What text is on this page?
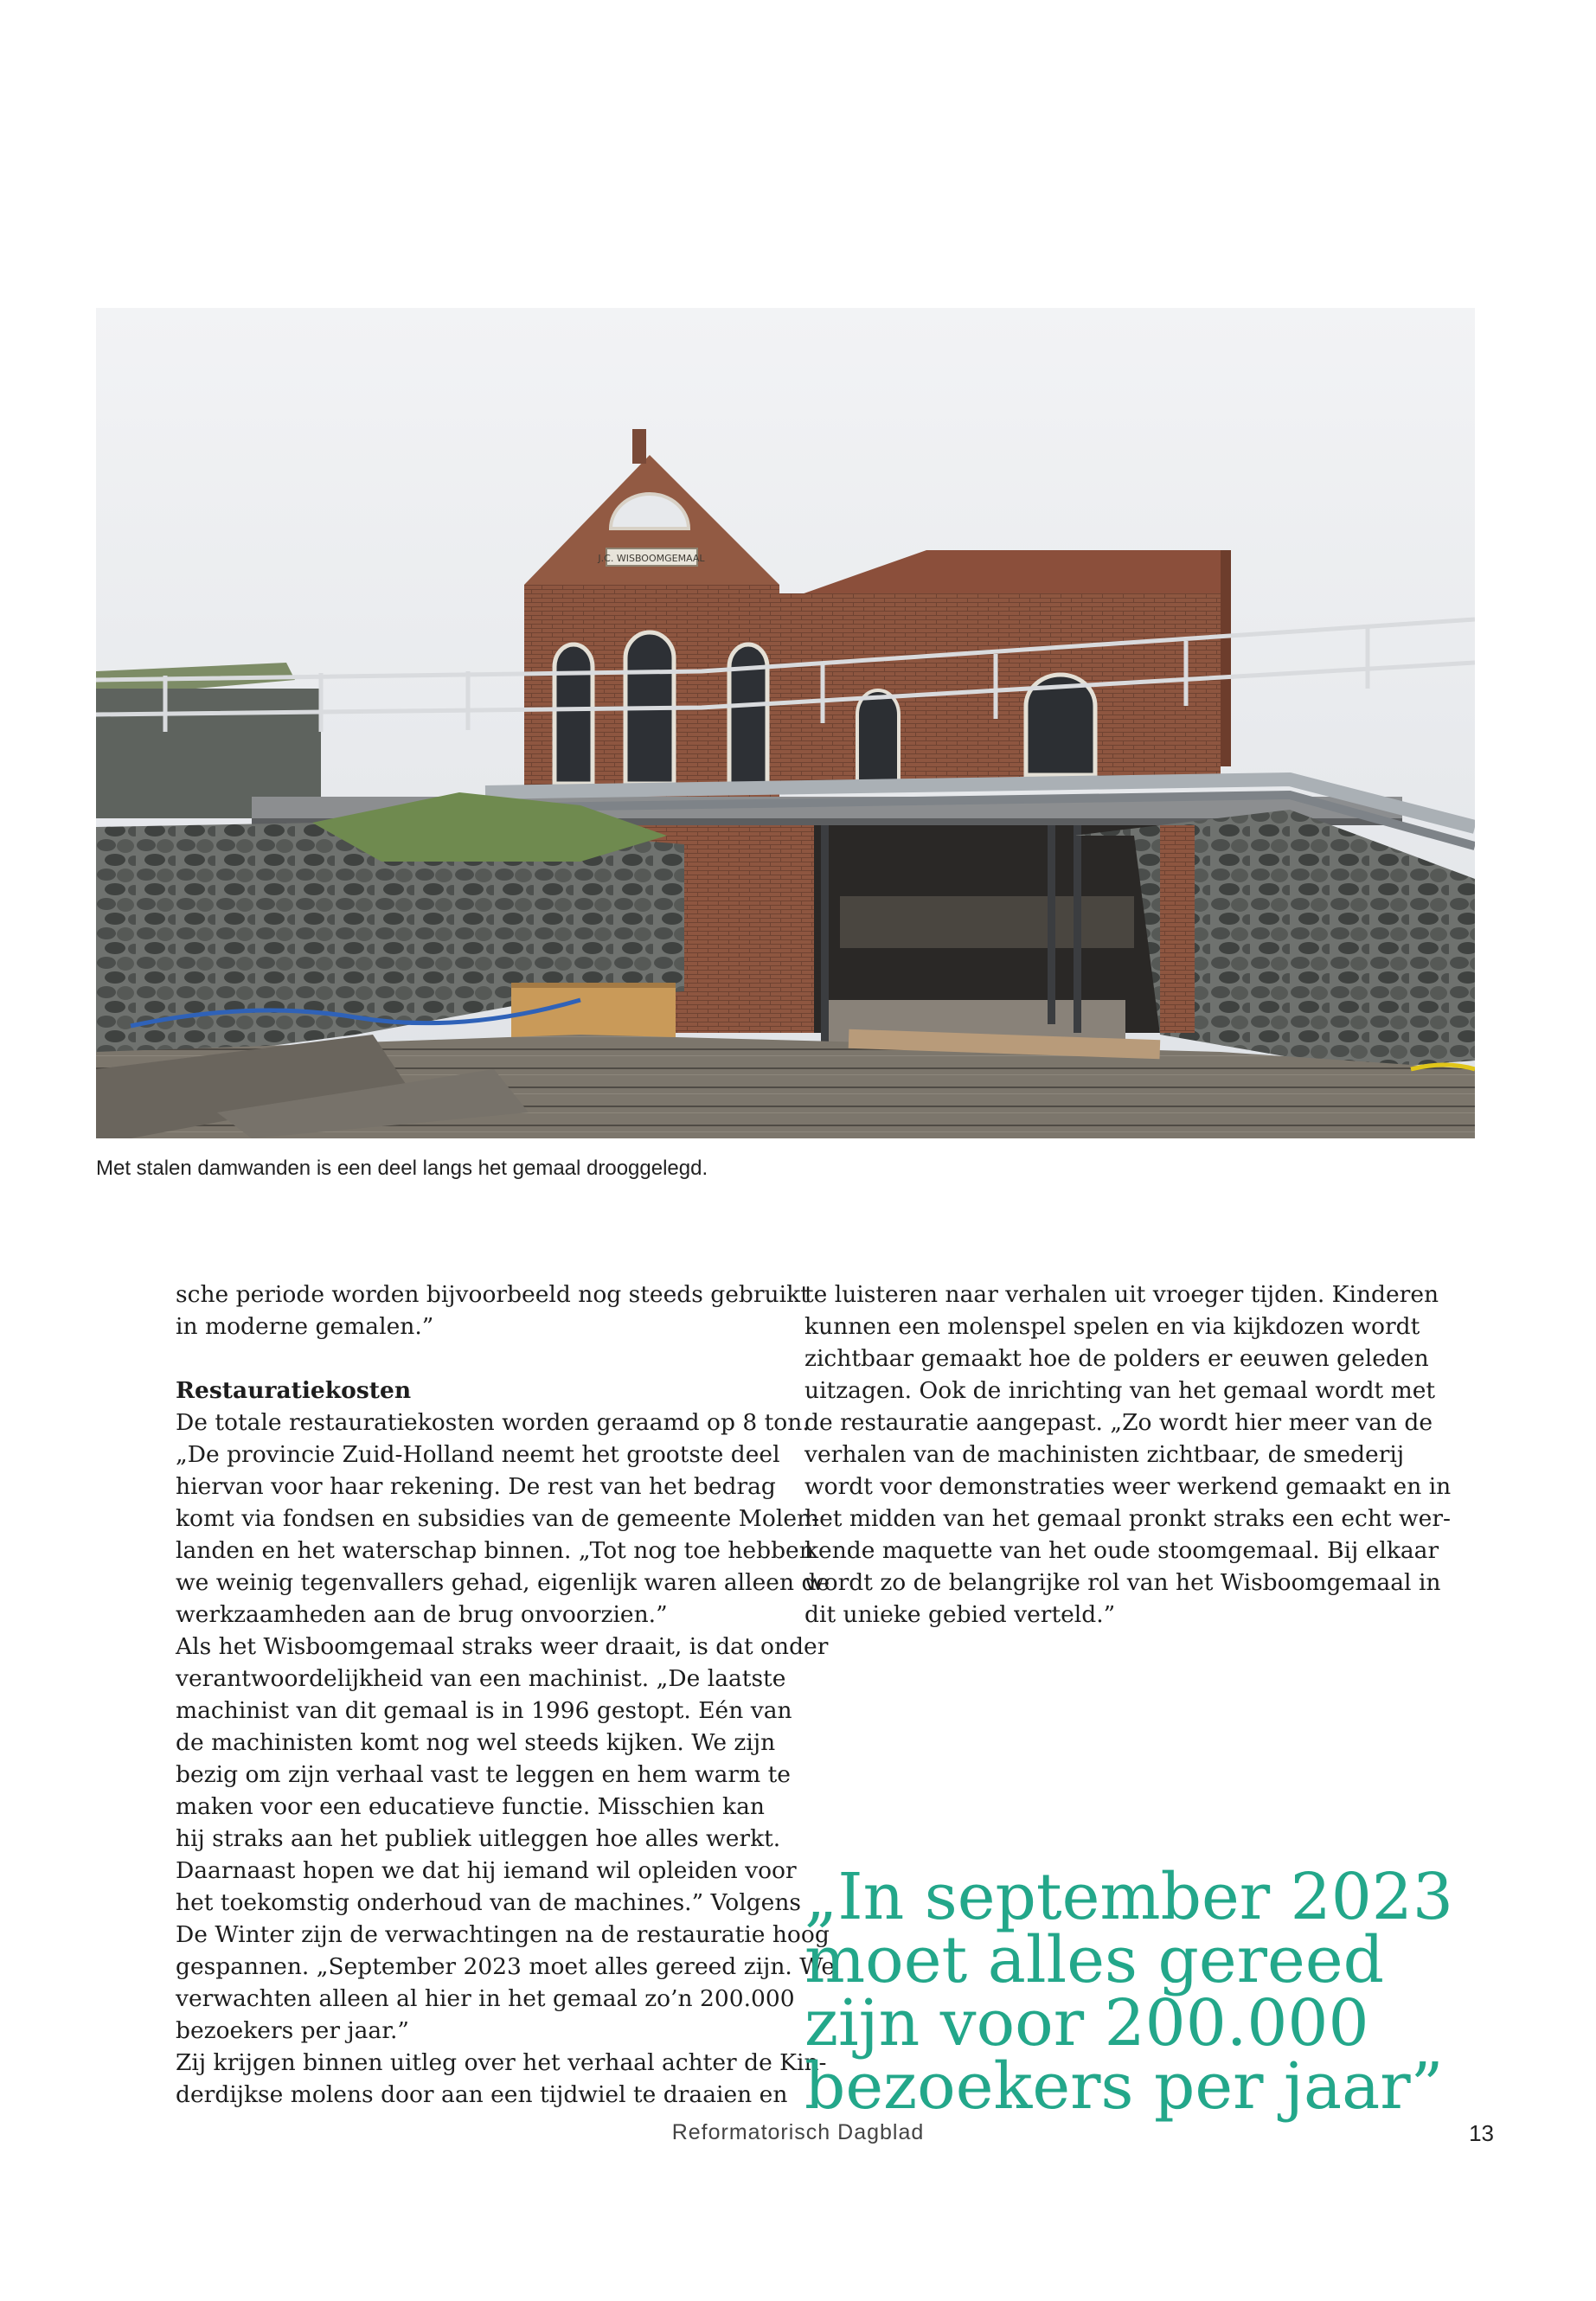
J.C. WISBOOMGEMAAL
Met stalen damwanden is een deel langs het gemaal drooggelegd.
sche periode worden bijvoorbeeld nog steeds gebruikt
in moderne gemalen.”
Restauratiekosten
De totale restauratiekosten worden geraamd op 8 ton.
„De provincie Zuid-Holland neemt het grootste deel
hiervan voor haar rekening. De rest van het bedrag
komt via fondsen en subsidies van de gemeente Molen-
landen en het waterschap binnen. „Tot nog toe hebben
we weinig tegenvallers gehad, eigenlijk waren alleen de
werkzaamheden aan de brug onvoorzien.”
Als het Wisboomgemaal straks weer draait, is dat onder
verantwoordelijkheid van een machinist. „De laatste
machinist van dit gemaal is in 1996 gestopt. Eén van
de machinisten komt nog wel steeds kijken. We zijn
bezig om zijn verhaal vast te leggen en hem warm te
maken voor een educatieve functie. Misschien kan
hij straks aan het publiek uitleggen hoe alles werkt.
Daarnaast hopen we dat hij iemand wil opleiden voor
het toekomstig onderhoud van de machines.” Volgens
De Winter zijn de verwachtingen na de restauratie hoog
gespannen. „September 2023 moet alles gereed zijn. We
verwachten alleen al hier in het gemaal zo’n 200.000
bezoekers per jaar.”
Zij krijgen binnen uitleg over het verhaal achter de Kin-
derdijkse molens door aan een tijdwiel te draaien en
te luisteren naar verhalen uit vroeger tijden. Kinderen
kunnen een molenspel spelen en via kijkdozen wordt
zichtbaar gemaakt hoe de polders er eeuwen geleden
uitzagen. Ook de inrichting van het gemaal wordt met
de restauratie aangepast. „Zo wordt hier meer van de
verhalen van de machinisten zichtbaar, de smederij
wordt voor demonstraties weer werkend gemaakt en in
het midden van het gemaal pronkt straks een echt wer-
kende maquette van het oude stoomgemaal. Bij elkaar
wordt zo de belangrijke rol van het Wisboomgemaal in
dit unieke gebied verteld.”
„In september 2023
moet alles gereed
zijn voor 200.000
bezoekers per jaar”
Reformatorisch Dagblad	13
